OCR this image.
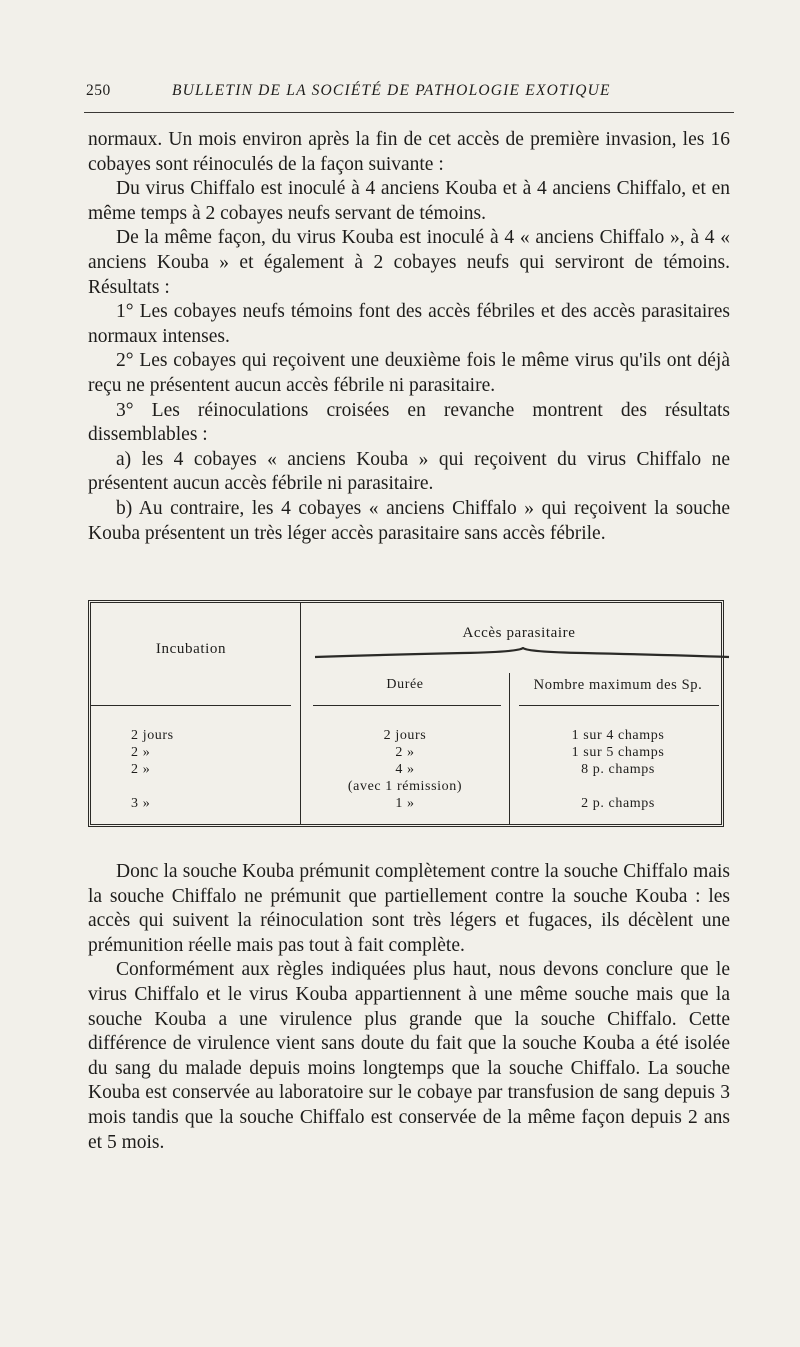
250	BULLETIN DE LA SOCIÉTÉ DE PATHOLOGIE EXOTIQUE

normaux. Un mois environ après la fin de cet accès de première invasion, les 16 cobayes sont réinoculés de la façon suivante :

Du virus Chiffalo est inoculé à 4 anciens Kouba et à 4 anciens Chiffalo, et en même temps à 2 cobayes neufs servant de témoins.

De la même façon, du virus Kouba est inoculé à 4 « anciens Chiffalo », à 4 « anciens Kouba » et également à 2 cobayes neufs qui serviront de témoins. Résultats :

1° Les cobayes neufs témoins font des accès fébriles et des accès parasitaires normaux intenses.

2° Les cobayes qui reçoivent une deuxième fois le même virus qu'ils ont déjà reçu ne présentent aucun accès fébrile ni parasitaire.

3° Les réinoculations croisées en revanche montrent des résultats dissemblables :

a) les 4 cobayes « anciens Kouba » qui reçoivent du virus Chiffalo ne présentent aucun accès fébrile ni parasitaire.

b) Au contraire, les 4 cobayes « anciens Chiffalo » qui reçoivent la souche Kouba présentent un très léger accès parasitaire sans accès fébrile.

Incubation
Accès parasitaire
Durée	Nombre maximum des Sp.
2 jours
2 »
2 »
3 »
2 jours
2 »
4 »
(avec 1 rémission)
1 »
1 sur 4 champs
1 sur 5 champs
8 p. champs
2 p. champs

Donc la souche Kouba prémunit complètement contre la souche Chiffalo mais la souche Chiffalo ne prémunit que partiellement contre la souche Kouba : les accès qui suivent la réinoculation sont très légers et fugaces, ils décèlent une prémunition réelle mais pas tout à fait complète.

Conformément aux règles indiquées plus haut, nous devons conclure que le virus Chiffalo et le virus Kouba appartiennent à une même souche mais que la souche Kouba a une virulence plus grande que la souche Chiffalo. Cette différence de virulence vient sans doute du fait que la souche Kouba a été isolée du sang du malade depuis moins longtemps que la souche Chiffalo. La souche Kouba est conservée au laboratoire sur le cobaye par transfusion de sang depuis 3 mois tandis que la souche Chiffalo est conservée de la même façon depuis 2 ans et 5 mois.
